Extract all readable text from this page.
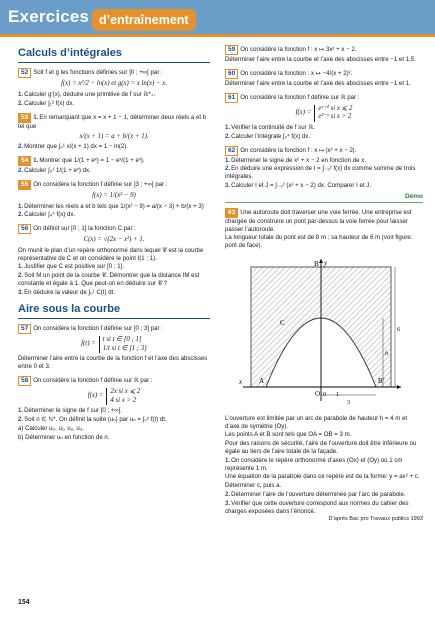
Exercices d’entraînement
Calculs d’intégrales
52 Soit f et g les fonctions définies sur ]0 ; +∞[ par :
f(x) = x²/2 − ln(x) et g(x) = x ln(x) − x.
1.Calculer g′(x), déduire une primitive de f sur ℝ*₊.
2.Calculer ∫₁² f(x) dx.
53 1.En remarquant que x = x + 1 − 1, déterminer deux réels a et b tel que
x/(x + 1) = a + b/(x + 1).
2.Montrer que ∫₀¹ x/(x + 1) dx = 1 − ln(2).
54 1.Montrer que 1/(1 + eˣ) = 1 − eˣ/(1 + eˣ).
2.Calculer ∫₀¹ 1/(1 + eˣ) dx.
55 On considère la fonction f définie sur ]3 ; +∞[ par :
f(x) = 1/(x² − 9)
1.Déterminer les réels a et b tels que 1/(x² − 9) = a/(x − 3) + b/(x + 3)
2.Calculer ∫₄⁵ f(x) dx.
56 On définit sur [0 ; 1] la fonction C par :
C(x) = √(2x − x²) + 1.
On munit le plan d’un repère orthonormé dans lequel 𝒞 est la courbe représentative de C et on considère le point I(1 ; 1).
1.Justifier que C est positive sur [0 ; 1].
2.Soit M un point de la courbe 𝒞. Démontrer que la distance IM est constante et égale à 1. Que peut-on en déduire sur 𝒞 ?
3.En déduire la valeur de ∫₀¹ C(t) dt.
Aire sous la courbe
57 On considère la fonction f définie sur [0 ; 3] par :
f(t) =
t si t ∈ [0 ; 1]
1/t si t ∈ ]1 ; 3]
Déterminer l’aire entre la courbe de la fonction f et l’axe des abscisses entre 0 et 3.
58 On considère la fonction f définie sur ℝ par :
f(x) =
2x si x ⩽ 2
4 si x > 2
1.Déterminer le signe de f sur [0 ; +∞[.
2.Soit n ∈ ℕ*. On définit la suite (uₙ) par uₙ = ∫₀ⁿ f(t) dt.
a) Calculer u₀, u₁, u₂, u₃.
b) Déterminer uₙ en fonction de n.
59 On considère la fonction f : x ↦ 3x² + x − 2.
Déterminer l’aire entre la courbe et l’axe des abscisses entre −1 et 1,5.
60 On considère la fonction : x ↦ −4/(x + 2)².
Déterminer l’aire entre la courbe et l’axe des abscisses entre −1 et 1.
61 On considère la fonction f définie sur ℝ par :
f(x) =
eˣ⁻² si x ⩽ 2
e²⁻ˣ si x > 2
1.Vérifier la continuité de f sur ℝ.
2.Calculer l’intégrale ∫₀⁴ f(x) dx.
62 On considère la fonction f : x ↦ |x² + x − 2|.
1.Déterminer le signe de x² + x − 2 en fonction de x.
2.En déduire une expression de I = ∫₋₃² f(x) dx comme somme de trois intégrales.
3.Calculer I et J = ∫₋₃² (x² + x − 2) dx. Comparer I et J.
Démo
63 Une autoroute doit traverser une voie ferrée. Une entreprise est chargée de construire un pont par-dessus la voie ferrée pour laisser passer l’autoroute.
La longueur totale du pont est de 8 m ; sa hauteur de 6 m (voir figure: pont de face).
B y
C
6
h
x A
O
B’
0 1
3
L’ouverture est limitée par un arc de parabole de hauteur h = 4 m et d’axe de symétrie (Oy).
Les points A et B sont tels que OA = OB = 3 m.
Pour des raisons de sécurité, l’aire de l’ouverture doit être inférieure ou égale au tiers de l’aire totale de la façade.
1.On considère le repère orthonormé d’axes (Ox) et (Oy) où 1 cm représente 1 m.
Une équation de la parabole dans ce repère est de la forme: y = ax² + c.
Déterminer c, puis a.
2.Déterminer l’aire de l’ouverture déterminée par l’arc de parabole.
3.Vérifier que cette ouverture correspond aux normes du cahier des charges exposées dans l’énoncé.
D’après Bac pro Travaux publics 1993
154
